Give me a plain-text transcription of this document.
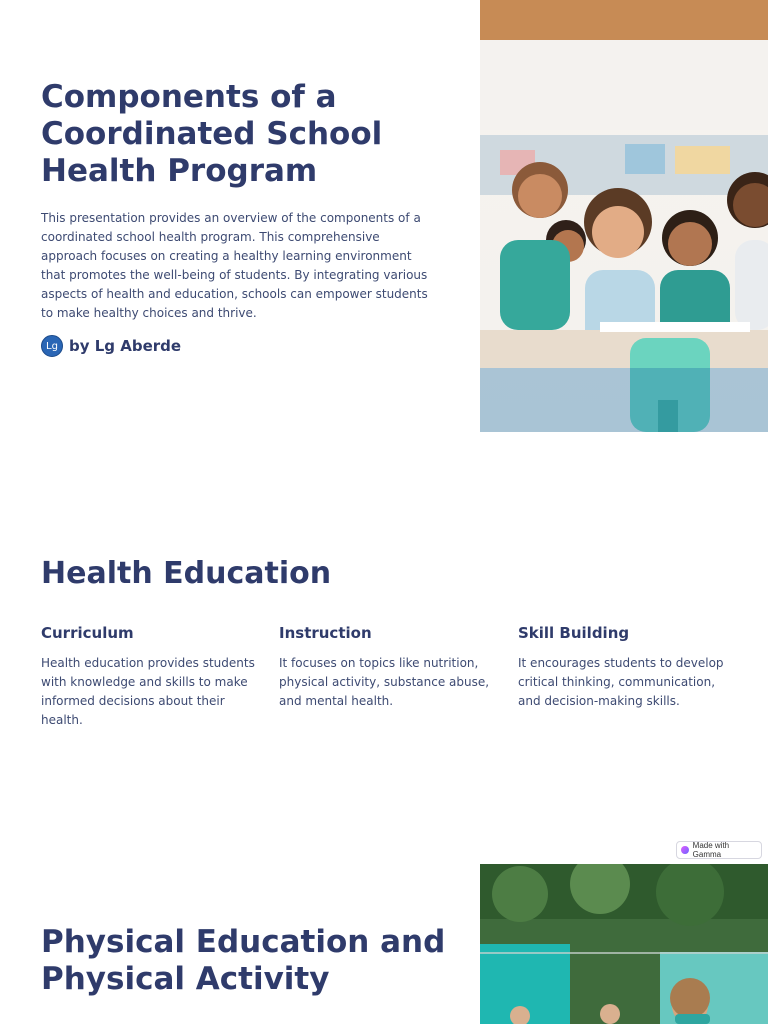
Components of a Coordinated School Health Program

This presentation provides an overview of the components of a coordinated school health program. This comprehensive approach focuses on creating a healthy learning environment that promotes the well-being of students. By integrating various aspects of health and education, schools can empower students to make healthy choices and thrive.

Lg by Lg Aberde
Health Education
Curriculum

Health education provides students with knowledge and skills to make informed decisions about their health.

Instruction

It focuses on topics like nutrition, physical activity, substance abuse, and mental health.

Skill Building

It encourages students to develop critical thinking, communication, and decision-making skills.

Made with Gamma
Physical Education and Physical Activity
